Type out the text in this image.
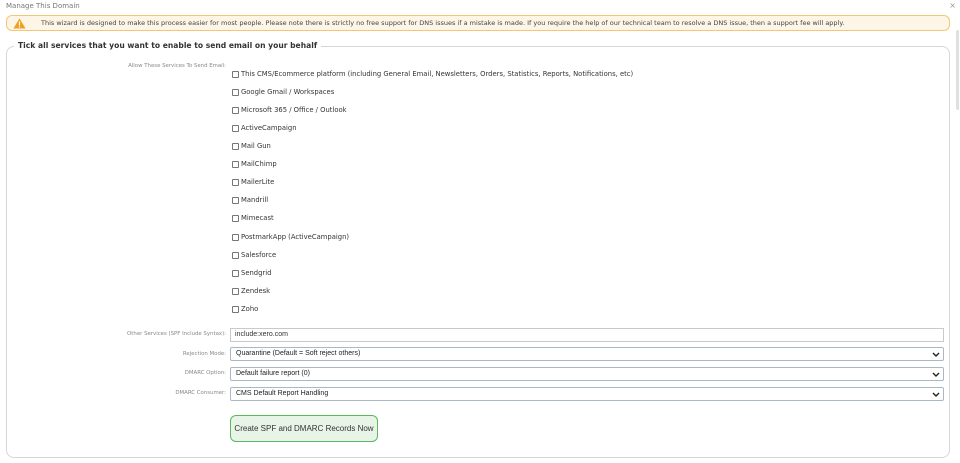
Manage This Domain	×
This wizard is designed to make this process easier for most people. Please note there is strictly no free support for DNS issues if a mistake is made. If you require the help of our technical team to resolve a DNS issue, then a support fee will apply.
Tick all services that you want to enable to send email on your behalf
Allow These Services To Send Email:
This CMS/Ecommerce platform (including General Email, Newsletters, Orders, Statistics, Reports, Notifications, etc)
Google Gmail / Workspaces
Microsoft 365 / Office / Outlook
ActiveCampaign
Mail Gun
MailChimp
MailerLite
Mandrill
Mimecast
PostmarkApp (ActiveCampaign)
Salesforce
Sendgrid
Zendesk
Zoho
Other Services (SPF Include Syntax):	include:xero.com
Rejection Mode: Quarantine (Default = Soft reject others)
DMARC Option: Default failure report (0)
DMARC Consumer: CMS Default Report Handling
Create SPF and DMARC Records Now
